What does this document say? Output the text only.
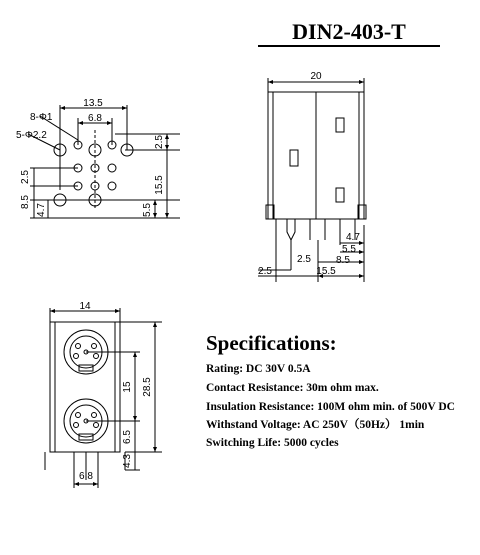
DIN2-403-T
13.5
6.8
8-Φ1
5-Φ2.2	2.5
15.5
5.5
2.5
8.5
4.7
20
4.7
5.5
8.5
2.5
2.5
15.5
14
15 28.5
6.5
4.3
6.8
Specifications:
Rating: DC 30V 0.5A
Contact Resistance: 30m ohm max.
Insulation Resistance: 100M ohm min. of 500V DC
Withstand Voltage: AC 250V（50Hz） 1min
Switching Life: 5000 cycles
